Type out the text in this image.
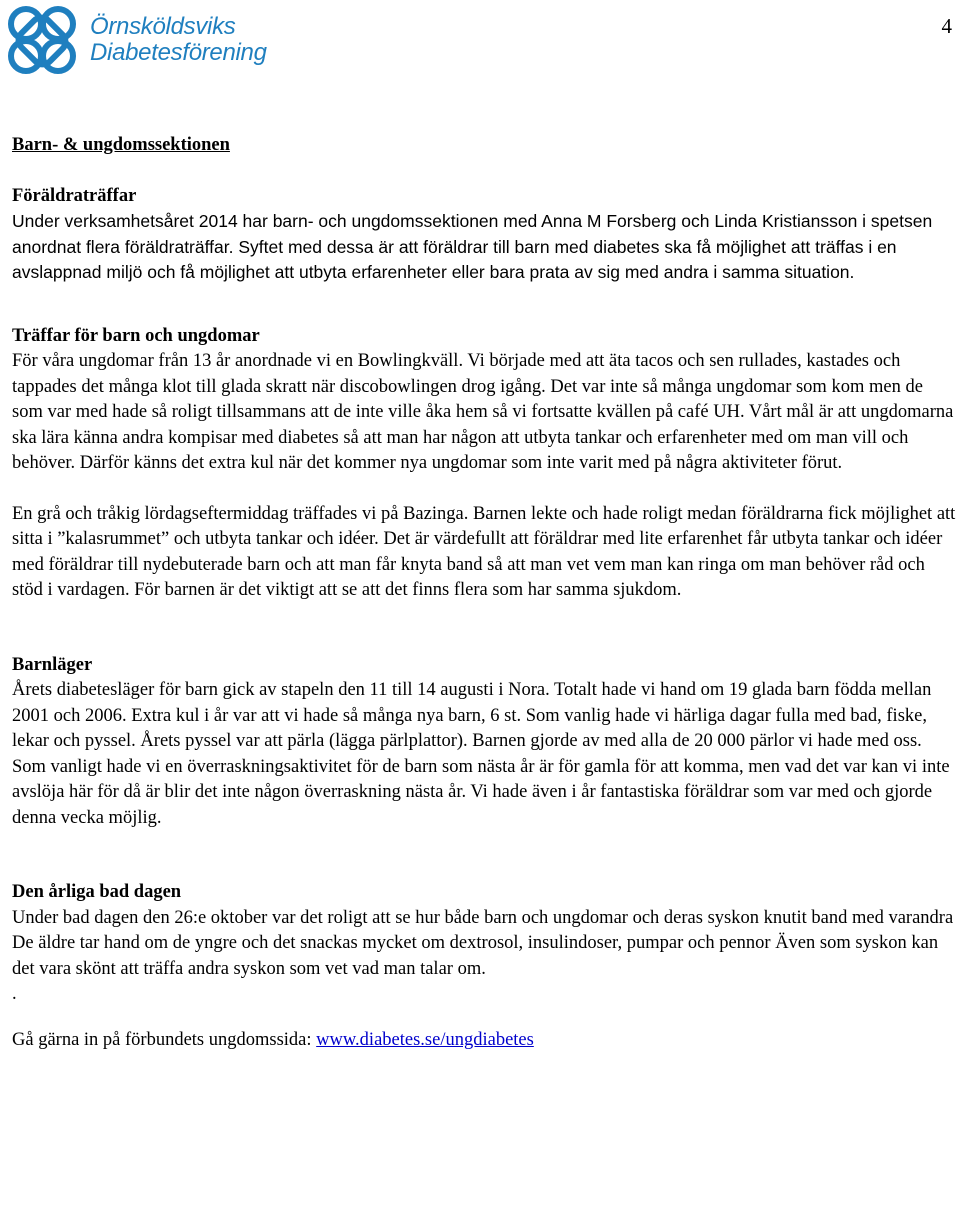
Örnsköldsviks
Diabetesförening
4

Barn- & ungdomssektionen

Föräldraträffar

Under verksamhetsåret 2014 har barn- och ungdomssektionen med Anna M Forsberg och Linda Kristiansson i spetsen anordnat flera föräldraträffar. Syftet med dessa är att föräldrar till barn med diabetes ska få möjlighet att träffas i en avslappnad miljö och få möjlighet att utbyta erfarenheter eller bara prata av sig med andra i samma situation.

Träffar för barn och ungdomar

För våra ungdomar från 13 år anordnade vi en Bowlingkväll. Vi började med att äta tacos och sen rullades, kastades och tappades det många klot till glada skratt när discobowlingen drog igång. Det var inte så många ungdomar som kom men de som var med hade så roligt tillsammans att de inte ville åka hem så vi fortsatte kvällen på café UH. Vårt mål är att ungdomarna ska lära känna andra kompisar med diabetes så att man har någon att utbyta tankar och erfarenheter med om man vill och behöver. Därför känns det extra kul när det kommer nya ungdomar som inte varit med på några aktiviteter förut.

En grå och tråkig lördagseftermiddag träffades vi på Bazinga. Barnen lekte och hade roligt medan föräldrarna fick möjlighet att sitta i ”kalasrummet” och utbyta tankar och idéer. Det är värdefullt att föräldrar med lite erfarenhet får utbyta tankar och idéer med föräldrar till nydebuterade barn och att man får knyta band så att man vet vem man kan ringa om man behöver råd och stöd i vardagen. För barnen är det viktigt att se att det finns flera som har samma sjukdom.

Barnläger

Årets diabetesläger för barn gick av stapeln den 11 till 14 augusti i Nora. Totalt hade vi hand om 19 glada barn födda mellan 2001 och 2006. Extra kul i år var att vi hade så många nya barn, 6 st. Som vanlig hade vi härliga dagar fulla med bad, fiske, lekar och pyssel. Årets pyssel var att pärla (lägga pärlplattor). Barnen gjorde av med alla de 20 000 pärlor vi hade med oss. Som vanligt hade vi en överraskningsaktivitet för de barn som nästa år är för gamla för att komma, men vad det var kan vi inte avslöja här för då är blir det inte någon överraskning nästa år. Vi hade även i år fantastiska föräldrar som var med och gjorde denna vecka möjlig.

Den årliga bad dagen

Under bad dagen den 26:e oktober var det roligt att se hur både barn och ungdomar och deras syskon knutit band med varandra De äldre tar hand om de yngre och det snackas mycket om dextrosol, insulindoser, pumpar och pennor Även som syskon kan det vara skönt att träffa andra syskon som vet vad man talar om.

.

Gå gärna in på förbundets ungdomssida: www.diabetes.se/ungdiabetes
